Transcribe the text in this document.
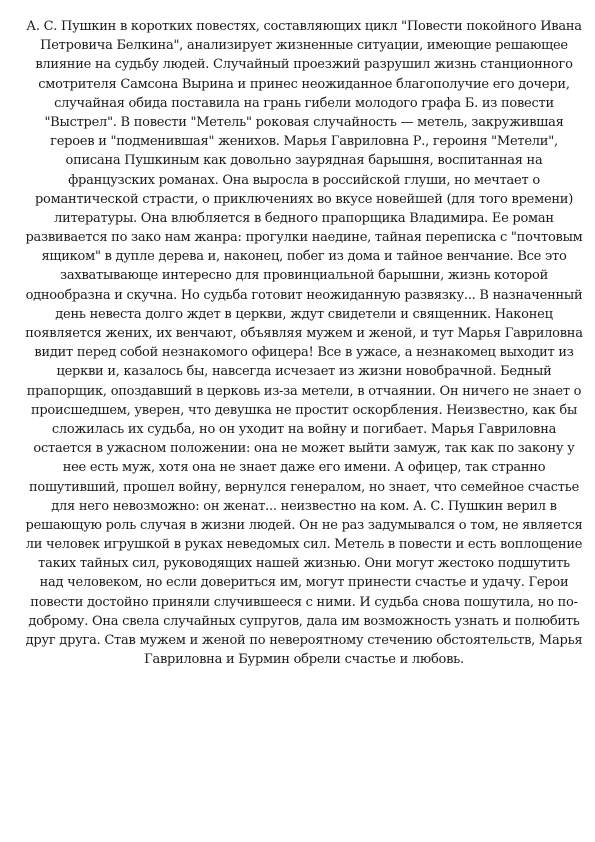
А. С. Пушкин в коротких повестях, составляющих цикл "Повести покойного Ивана
Петровича Белкина", анализирует жизненные ситуации, имеющие решающее
влияние на судьбу людей. Случайный проезжий разрушил жизнь станционного
смотрителя Самсона Вырина и принес неожиданное благополучие его дочери,
случайная обида поставила на грань гибели молодого графа Б. из повести
"Выстрел". В повести "Метель" роковая случайность — метель, закружившая
героев и "подменившая" женихов. Марья Гавриловна Р., героиня "Метели",
описана Пушкиным как довольно заурядная барышня, воспитанная на
французских романах. Она выросла в российской глуши, но мечтает о
романтической страсти, о приключениях во вкусе новейшей (для того времени)
литературы. Она влюбляется в бедного прапорщика Владимира. Ее роман
развивается по зако нам жанра: прогулки наедине, тайная переписка с "почтовым
ящиком" в дупле дерева и, наконец, побег из дома и тайное венчание. Все это
захватывающе интересно для провинциальной барышни, жизнь которой
однообразна и скучна. Но судьба готовит неожиданную развязку... В назначенный
день невеста долго ждет в церкви, ждут свидетели и священник. Наконец
появляется жених, их венчают, объявляя мужем и женой, и тут Марья Гавриловна
видит перед собой незнакомого офицера! Все в ужасе, а незнакомец выходит из
церкви и, казалось бы, навсегда исчезает из жизни новобрачной. Бедный
прапорщик, опоздавший в церковь из-за метели, в отчаянии. Он ничего не знает о
происшедшем, уверен, что девушка не простит оскорбления. Неизвестно, как бы
сложилась их судьба, но он уходит на войну и погибает. Марья Гавриловна
остается в ужасном положении: она не может выйти замуж, так как по закону у
нее есть муж, хотя она не знает даже его имени. А офицер, так странно
пошутивший, прошел войну, вернулся генералом, но знает, что семейное счастье
для него невозможно: он женат... неизвестно на ком. А. С. Пушкин верил в
решающую роль случая в жизни людей. Он не раз задумывался о том, не является
ли человек игрушкой в руках неведомых сил. Метель в повести и есть воплощение
таких тайных сил, руководящих нашей жизнью. Они могут жестоко подшутить
над человеком, но если довериться им, могут принести счастье и удачу. Герои
повести достойно приняли случившееся с ними. И судьба снова пошутила, но по-
доброму. Она свела случайных супругов, дала им возможность узнать и полюбить
друг друга. Став мужем и женой по невероятному стечению обстоятельств, Марья
Гавриловна и Бурмин обрели счастье и любовь.
